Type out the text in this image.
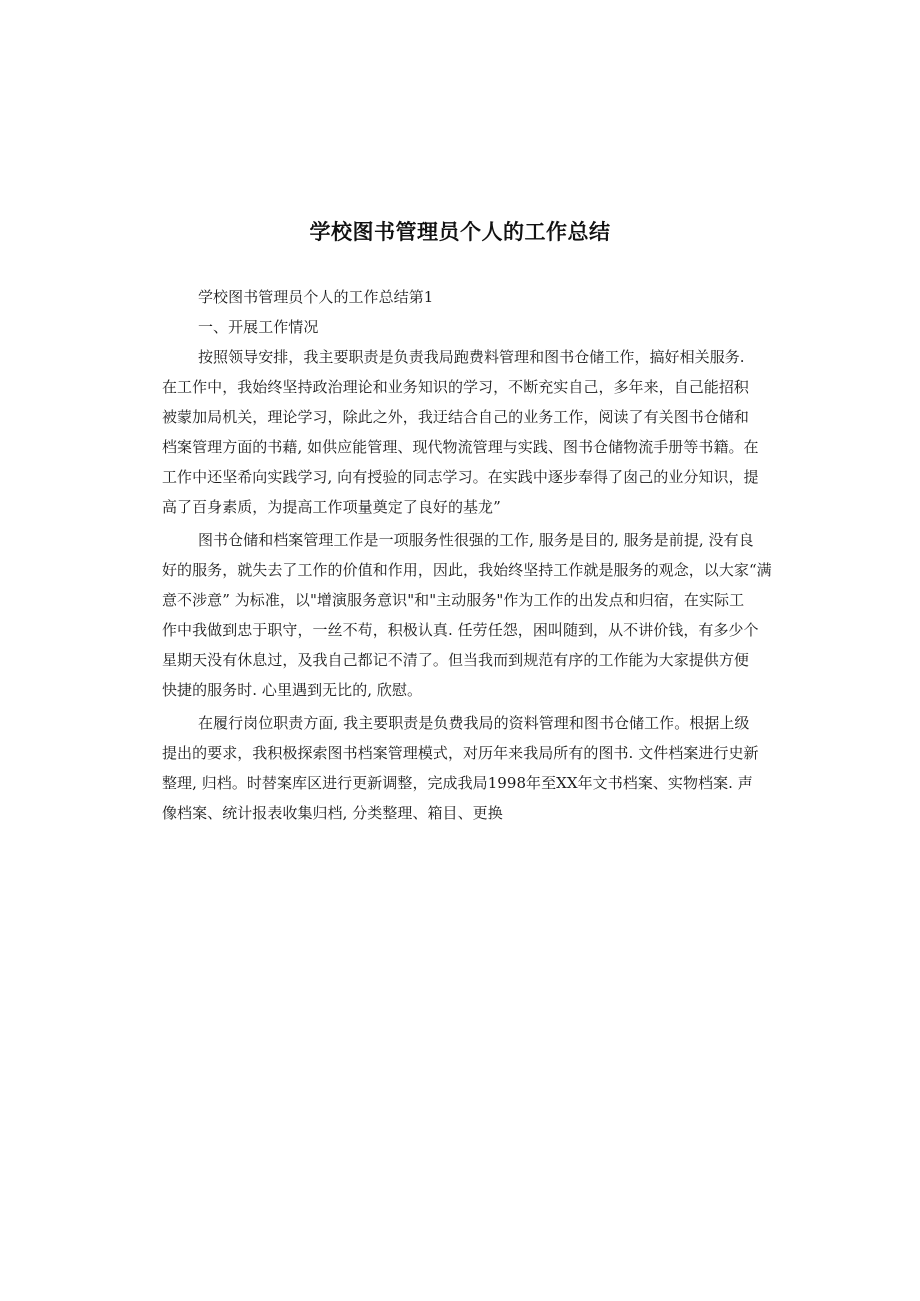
学校图书管理员个人的工作总结

学校图书管理员个人的工作总结第1

一、开展工作情况

按照领导安排，我主要职责是负责我局跑费料管理和图书仓储工作，搞好相关服务.

在工作中，我始终坚持政治理论和业务知识的学习，不断充实自己，多年来，自己能招积

被蒙加局机关，理论学习，除此之外，我迂结合自己的业务工作，阅读了有关图书仓储和

档案管理方面的书藉, 如供应能管理、现代物流管理与实践、图书仓储物流手册等书籍。在

工作中还坚希向实践学习, 向有授验的同志学习。在实践中逐步奉得了囱己的业分知识，提

高了百身素质，为提高工作项量奠定了良好的基龙”

图书仓储和档案管理工作是一项服务性很强的工作, 服务是目的, 服务是前提, 没有良

好的服务，就失去了工作的价值和作用，因此，我始终坚持工作就是服务的观念，以大家“满

意不涉意” 为标准，以"增演服务意识"和"主动服务"作为工作的出发点和归宿，在实际工

作中我做到忠于职守，一丝不苟，积极认真. 任劳任怨，困叫随到，从不讲价钱，有多少个

星期天没有休息过，及我自己都记不清了。但当我而到规范有序的工作能为大家提供方便

快捷的服务时. 心里遇到无比的, 欣慰。

在履行岗位职责方面, 我主要职责是负费我局的资料管理和图书仓储工作。根据上级

提出的要求，我积极探索图书档案管理模式，对历年来我局所有的图书. 文件档案进行史新

整理, 归档。时替案库区进行更新调整，完成我局1998年至XX年文书档案、实物档案. 声

像档案、统计报表收集归档, 分类整理、箱目、更换
